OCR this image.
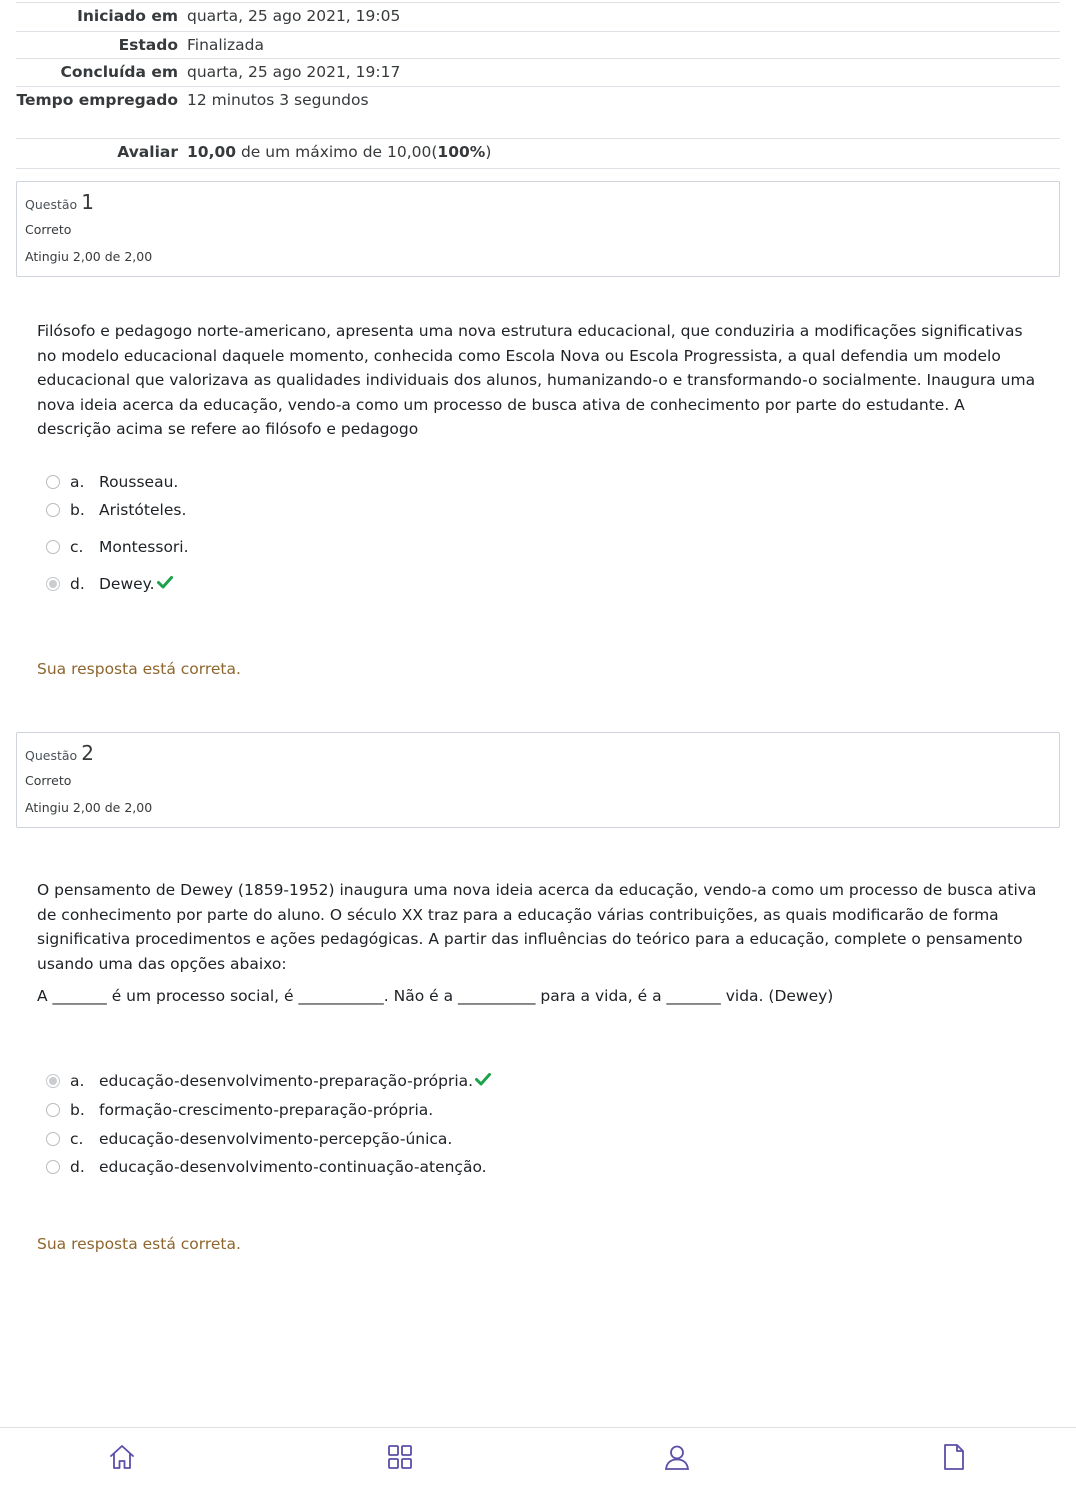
Iniciado em quarta, 25 ago 2021, 19:05
Estado Finalizada
Concluída em quarta, 25 ago 2021, 19:17
Tempo empregado 12 minutos 3 segundos
Avaliar 10,00 de um máximo de 10,00(100%)
Questão 1
Correto
Atingiu 2,00 de 2,00
Filósofo e pedagogo norte-americano, apresenta uma nova estrutura educacional, que conduziria a modificações significativas no modelo educacional daquele momento, conhecida como Escola Nova ou Escola Progressista, a qual defendia um modelo educacional que valorizava as qualidades individuais dos alunos, humanizando-o e transformando-o socialmente. Inaugura uma nova ideia acerca da educação, vendo-a como um processo de busca ativa de conhecimento por parte do estudante. A descrição acima se refere ao filósofo e pedagogo
a. Rousseau.
b. Aristóteles.
c.	Montessori.
d. Dewey.
Sua resposta está correta.
Questão 2
Correto
Atingiu 2,00 de 2,00
O pensamento de Dewey (1859-1952) inaugura uma nova ideia acerca da educação, vendo-a como um processo de busca ativa de conhecimento por parte do aluno. O século XX traz para a educação várias contribuições, as quais modificarão de forma significativa procedimentos e ações pedagógicas. A partir das influências do teórico para a educação, complete o pensamento usando uma das opções abaixo:
A _______ é um processo social, é ___________. Não é a __________ para a vida, é a _______ vida. (Dewey)
a. educação-desenvolvimento-preparação-própria.
b. formação-crescimento-preparação-própria.
c.	educação-desenvolvimento-percepção-única.
d. educação-desenvolvimento-continuação-atenção.
Sua resposta está correta.
